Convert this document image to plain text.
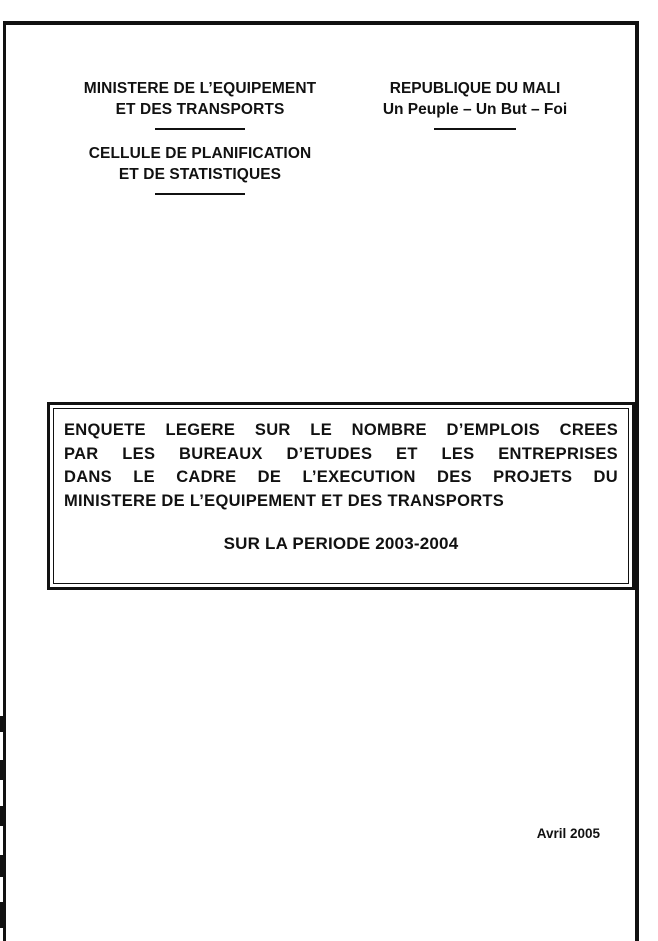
MINISTERE DE L’EQUIPEMENT
ET DES TRANSPORTS
CELLULE DE PLANIFICATION
ET DE STATISTIQUES
REPUBLIQUE DU MALI
Un Peuple – Un But – Foi
ENQUETE LEGERE SUR LE NOMBRE D’EMPLOIS CREES
PAR LES BUREAUX D’ETUDES ET LES ENTREPRISES
DANS LE CADRE DE L’EXECUTION DES PROJETS DU
MINISTERE DE L’EQUIPEMENT ET DES TRANSPORTS
SUR LA PERIODE 2003-2004
Avril 2005
